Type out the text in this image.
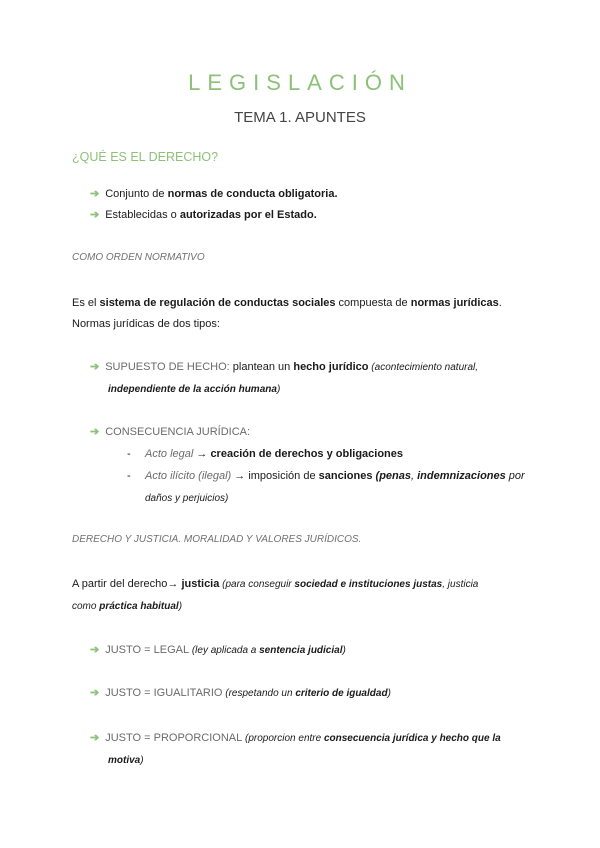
LEGISLACIÓN
TEMA 1. APUNTES
¿QUÉ ES EL DERECHO?
➔ Conjunto de normas de conducta obligatoria.
➔ Establecidas o autorizadas por el Estado.
COMO ORDEN NORMATIVO
Es el sistema de regulación de conductas sociales compuesta de normas jurídicas.
Normas jurídicas de dos tipos:
➔ SUPUESTO DE HECHO: plantean un hecho jurídico (acontecimiento natural,
independiente de la acción humana)
➔ CONSECUENCIA JURÍDICA:
- Acto legal → creación de derechos y obligaciones
- Acto ilícito (ilegal) → imposición de sanciones (penas, indemnizaciones por
daños y perjuicios)
DERECHO Y JUSTICIA. MORALIDAD Y VALORES JURÍDICOS.
A partir del derecho→ justicia (para conseguir sociedad e instituciones justas, justicia
como práctica habitual)
➔ JUSTO = LEGAL (ley aplicada a sentencia judicial)
➔ JUSTO = IGUALITARIO (respetando un criterio de igualdad)
➔ JUSTO = PROPORCIONAL (proporcion entre consecuencia jurídica y hecho que la
motiva)
